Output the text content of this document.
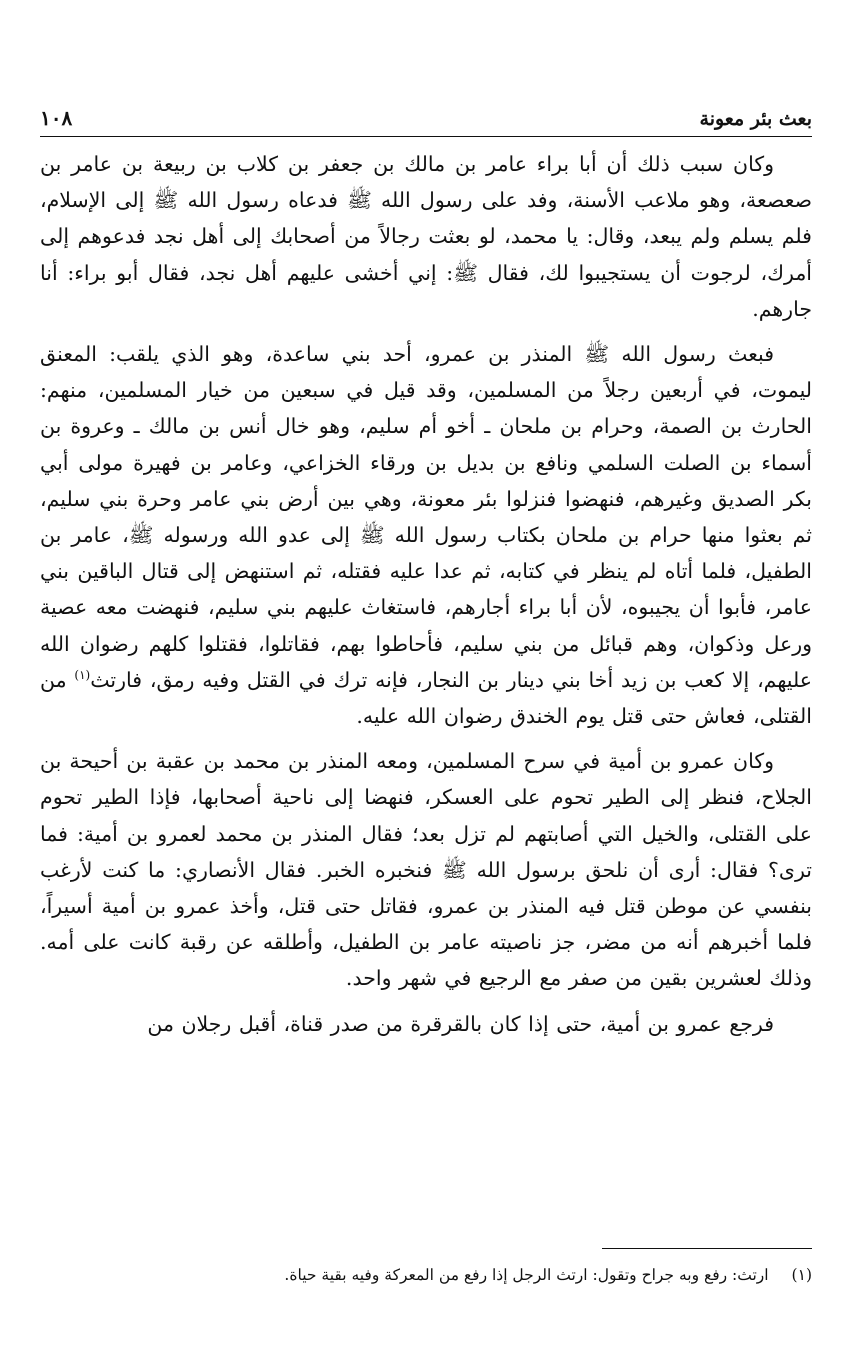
بعث بئر معونة
١٠٨

وكان سبب ذلك أن أبا براء عامر بن مالك بن جعفر بن كلاب بن ربيعة بن عامر بن صعصعة، وهو ملاعب الأسنة، وفد على رسول الله ﷺ فدعاه رسول الله ﷺ إلى الإسلام، فلم يسلم ولم يبعد، وقال: يا محمد، لو بعثت رجالاً من أصحابك إلى أهل نجد فدعوهم إلى أمرك، لرجوت أن يستجيبوا لك، فقال ﷺ: إني أخشى عليهم أهل نجد، فقال أبو براء: أنا جارهم.

فبعث رسول الله ﷺ المنذر بن عمرو، أحد بني ساعدة، وهو الذي يلقب: المعنق ليموت، في أربعين رجلاً من المسلمين، وقد قيل في سبعين من خيار المسلمين، منهم: الحارث بن الصمة، وحرام بن ملحان ـ أخو أم سليم، وهو خال أنس بن مالك ـ وعروة بن أسماء بن الصلت السلمي ونافع بن بديل بن ورقاء الخزاعي، وعامر بن فهيرة مولى أبي بكر الصديق وغيرهم، فنهضوا فنزلوا بئر معونة، وهي بين أرض بني عامر وحرة بني سليم، ثم بعثوا منها حرام بن ملحان بكتاب رسول الله ﷺ إلى عدو الله ورسوله ﷺ، عامر بن الطفيل، فلما أتاه لم ينظر في كتابه، ثم عدا عليه فقتله، ثم استنهض إلى قتال الباقين بني عامر، فأبوا أن يجيبوه، لأن أبا براء أجارهم، فاستغاث عليهم بني سليم، فنهضت معه عصية ورعل وذكوان، وهم قبائل من بني سليم، فأحاطوا بهم، فقاتلوا، فقتلوا كلهم رضوان الله عليهم، إلا كعب بن زيد أخا بني دينار بن النجار، فإنه ترك في القتل وفيه رمق، فارتث$^{(١)}$ من القتلى، فعاش حتى قتل يوم الخندق رضوان الله عليه.

وكان عمرو بن أمية في سرح المسلمين، ومعه المنذر بن محمد بن عقبة بن أحيحة بن الجلاح، فنظر إلى الطير تحوم على العسكر، فنهضا إلى ناحية أصحابها، فإذا الطير تحوم على القتلى، والخيل التي أصابتهم لم تزل بعد؛ فقال المنذر بن محمد لعمرو بن أمية: فما ترى؟ فقال: أرى أن نلحق برسول الله ﷺ فنخبره الخبر. فقال الأنصاري: ما كنت لأرغب بنفسي عن موطن قتل فيه المنذر بن عمرو، فقاتل حتى قتل، وأخذ عمرو بن أمية أسيراً، فلما أخبرهم أنه من مضر، جز ناصيته عامر بن الطفيل، وأطلقه عن رقبة كانت على أمه. وذلك لعشرين بقين من صفر مع الرجيع في شهر واحد.

فرجع عمرو بن أمية، حتى إذا كان بالقرقرة من صدر قناة، أقبل رجلان من

(١) ارتث: رفع وبه جراح وتقول: ارتث الرجل إذا رفع من المعركة وفيه بقية حياة.
